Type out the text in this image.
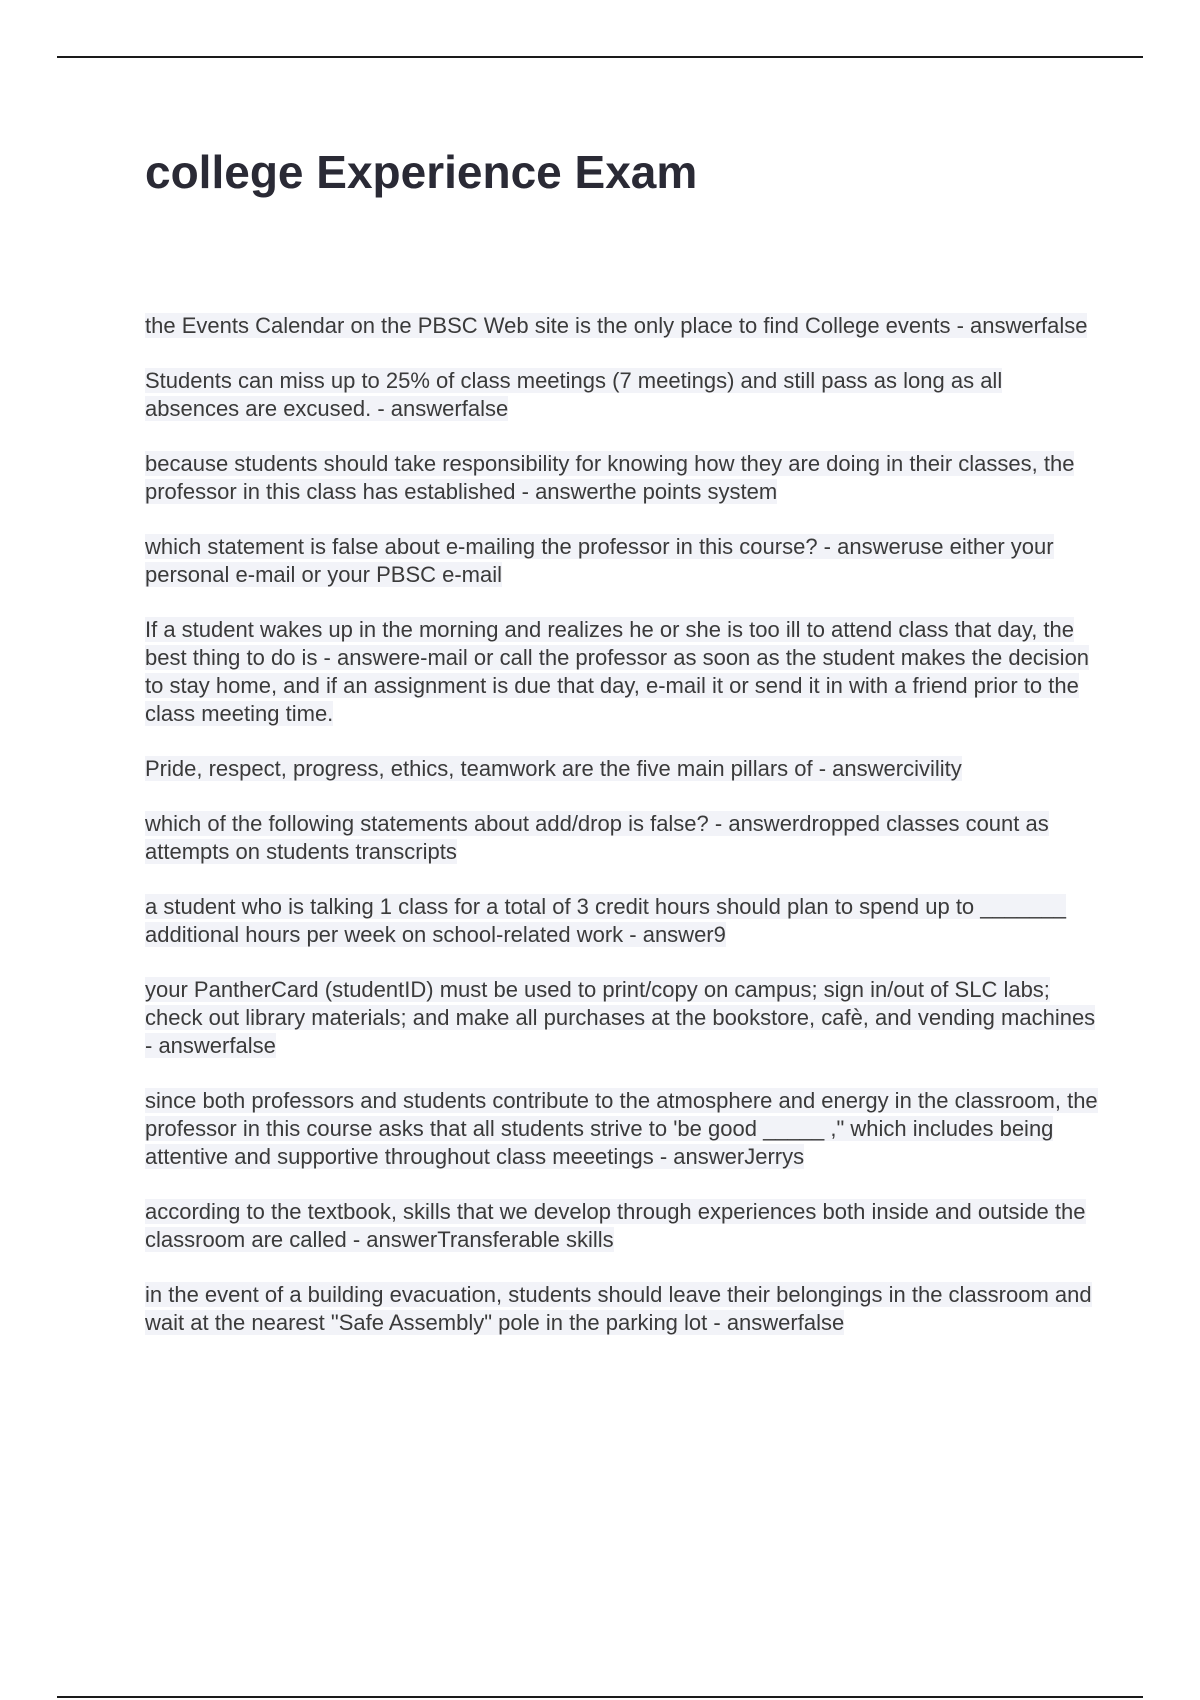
college Experience Exam

the Events Calendar on the PBSC Web site is the only place to find College events - answerfalse

Students can miss up to 25% of class meetings (7 meetings) and still pass as long as all absences are excused. - answerfalse

because students should take responsibility for knowing how they are doing in their classes, the professor in this class has established - answerthe points system

which statement is false about e-mailing the professor in this course? - answeruse either your personal e-mail or your PBSC e-mail

If a student wakes up in the morning and realizes he or she is too ill to attend class that day, the best thing to do is - answere-mail or call the professor as soon as the student makes the decision to stay home, and if an assignment is due that day, e-mail it or send it in with a friend prior to the class meeting time.

Pride, respect, progress, ethics, teamwork are the five main pillars of - answercivility

which of the following statements about add/drop is false? - answerdropped classes count as attempts on students transcripts

a student who is talking 1 class for a total of 3 credit hours should plan to spend up to _______ additional hours per week on school-related work - answer9

your PantherCard (studentID) must be used to print/copy on campus; sign in/out of SLC labs; check out library materials; and make all purchases at the bookstore, cafè, and vending machines - answerfalse

since both professors and students contribute to the atmosphere and energy in the classroom, the professor in this course asks that all students strive to 'be good _____ ," which includes being attentive and supportive throughout class meeetings - answerJerrys

according to the textbook, skills that we develop through experiences both inside and outside the classroom are called - answerTransferable skills

in the event of a building evacuation, students should leave their belongings in the classroom and wait at the nearest "Safe Assembly" pole in the parking lot - answerfalse
